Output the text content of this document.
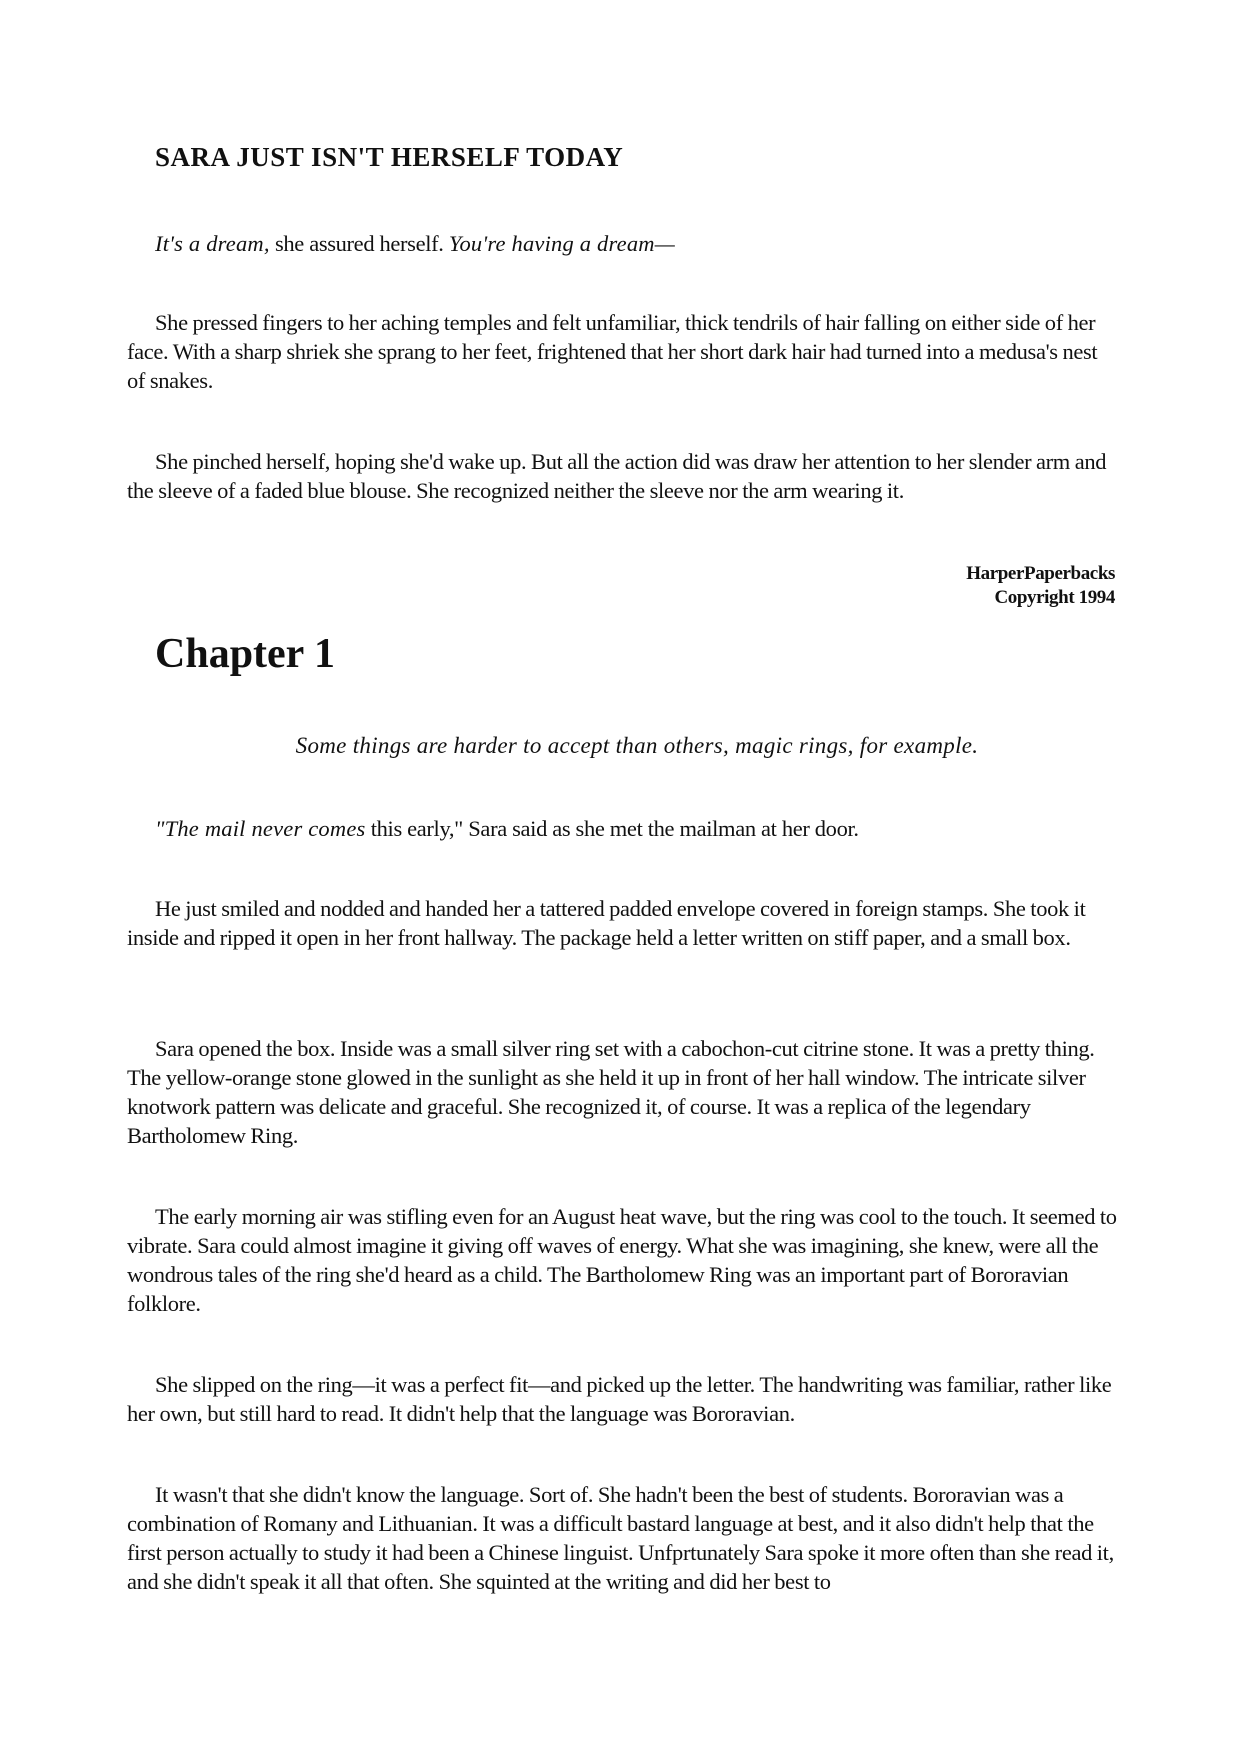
SARA JUST ISN'T HERSELF TODAY

It's a dream, she assured herself. You're having a dream—

She pressed fingers to her aching temples and felt unfamiliar, thick tendrils of hair falling on either side of her face. With a sharp shriek she sprang to her feet, frightened that her short dark hair had turned into a medusa's nest of snakes.

She pinched herself, hoping she'd wake up. But all the action did was draw her attention to her slender arm and the sleeve of a faded blue blouse. She recognized neither the sleeve nor the arm wearing it.

HarperPaperbacks
Copyright 1994
Chapter 1

Some things are harder to accept than others, magic rings, for example.

"The mail never comes this early," Sara said as she met the mailman at her door.

He just smiled and nodded and handed her a tattered padded envelope covered in foreign stamps. She took it inside and ripped it open in her front hallway. The package held a letter written on stiff paper, and a small box.

Sara opened the box. Inside was a small silver ring set with a cabochon-cut citrine stone. It was a pretty thing. The yellow-orange stone glowed in the sunlight as she held it up in front of her hall window. The intricate silver knotwork pattern was delicate and graceful. She recognized it, of course. It was a replica of the legendary Bartholomew Ring.

The early morning air was stifling even for an August heat wave, but the ring was cool to the touch. It seemed to vibrate. Sara could almost imagine it giving off waves of energy. What she was imagining, she knew, were all the wondrous tales of the ring she'd heard as a child. The Bartholomew Ring was an important part of Bororavian folklore.

She slipped on the ring—it was a perfect fit—and picked up the letter. The handwriting was familiar, rather like her own, but still hard to read. It didn't help that the language was Bororavian.

It wasn't that she didn't know the language. Sort of. She hadn't been the best of students. Bororavian was a combination of Romany and Lithuanian. It was a difficult bastard language at best, and it also didn't help that the first person actually to study it had been a Chinese linguist. Unfprtunately Sara spoke it more often than she read it, and she didn't speak it all that often. She squinted at the writing and did her best to
